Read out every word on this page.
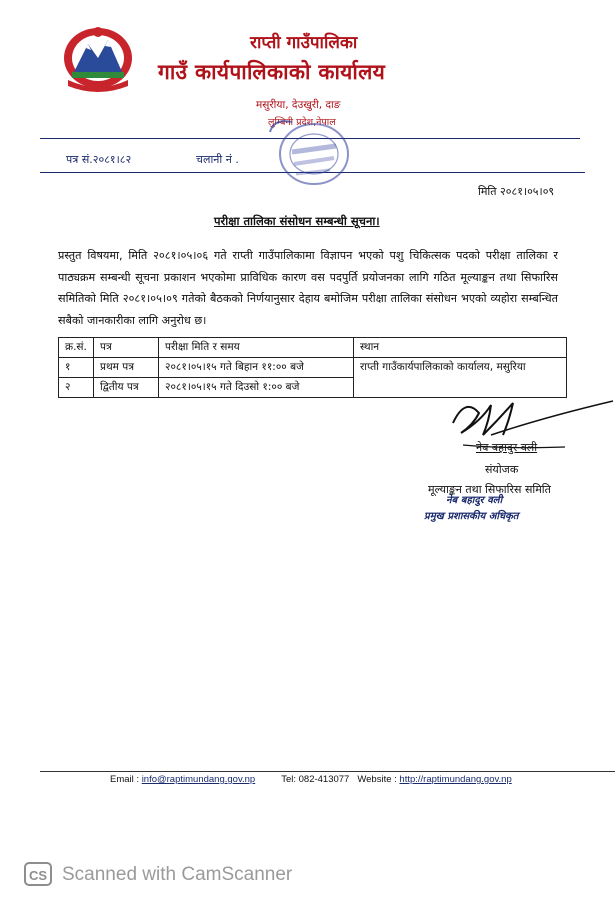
राप्ती गाउँपालिका
गाउँ कार्यपालिकाको कार्यालय
मसुरीया, देउखुरी, दाङ
लुम्बिनी प्रदेश,नेपाल
पत्र सं.२०८१।८२	चलानी नं .
मिति २०८१।०५।०९
परीक्षा तालिका संसोधन सम्बन्धी सूचना।
प्रस्तुत विषयमा, मिति २०८१।०५।०६ गते राप्ती गाउँपालिकामा विज्ञापन भएको पशु चिकित्सक पदको परीक्षा तालिका र पाठ्यक्रम सम्बन्धी सूचना प्रकाशन भएकोमा प्राविधिक कारण वस पदपुर्ति प्रयोजनका लागि गठित मूल्याङ्कन तथा सिफारिस समितिको मिति २०८१।०५।०९ गतेको बैठकको निर्णयानुसार देहाय बमोजिम परीक्षा तालिका संसोधन भएको व्यहोरा सम्बन्धित सबैको जानकारीका लागि अनुरोध छ।
क्र.सं.	पत्र	परीक्षा मिति र समय	स्थान
१	प्रथम पत्र	२०८१।०५।१५ गते बिहान ११:०० बजे	राप्ती गाउँकार्यपालिकाको कार्यालय, मसुरिया
२	द्वितीय पत्र	२०८१।०५।१५ गते दिउसो १:०० बजे	
नेब बहादुर वली
संयोजक
मूल्याङ्कन तथा सिफारिस समिति
नेब बहादुर वली
प्रमुख प्रशासकीय अधिकृत
Email : info@raptimundang.gov.np	Tel: 082-413077 Website : http://raptimundang.gov.np
CS Scanned with CamScanner
